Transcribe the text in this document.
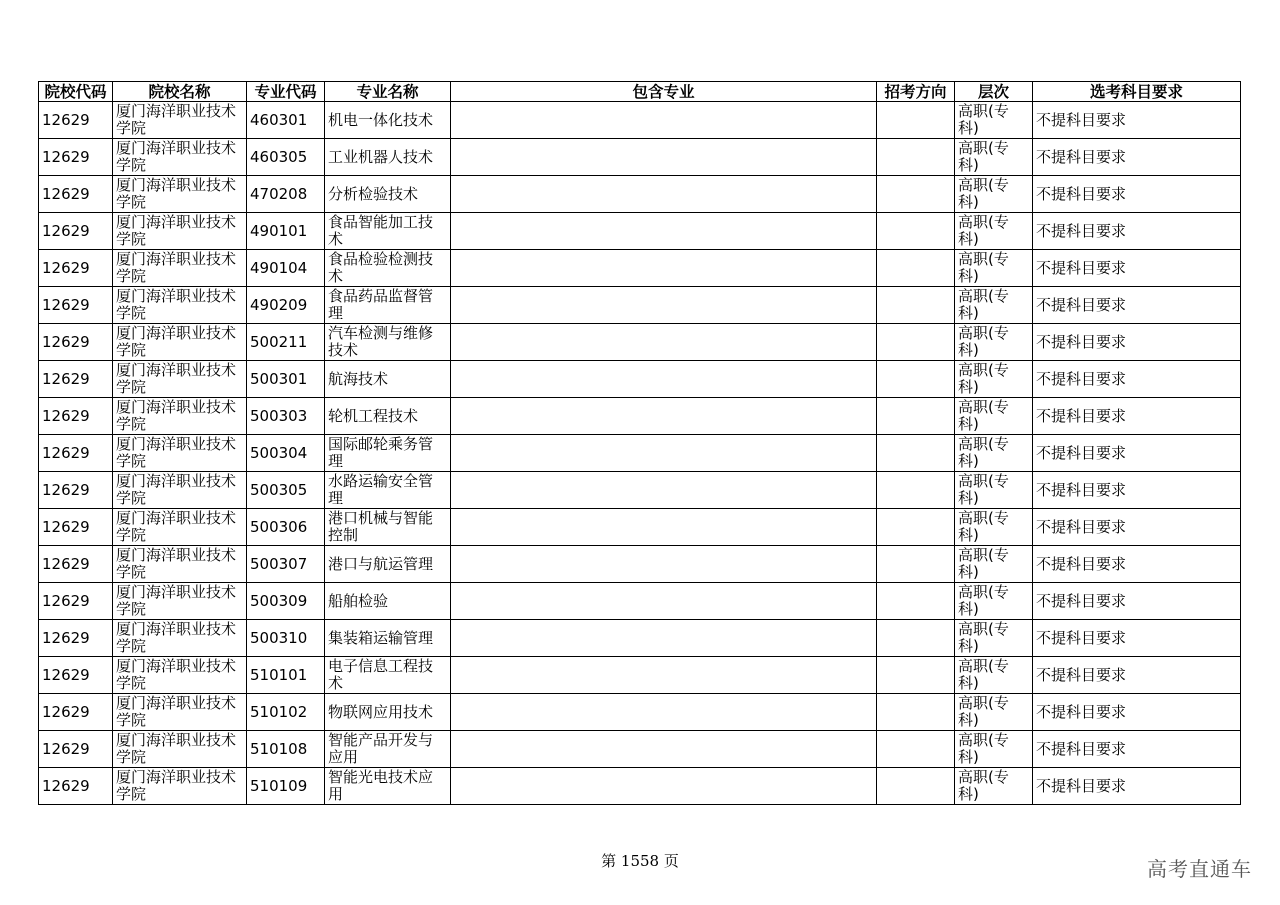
院校代码	院校名称	专业代码	专业名称	包含专业	招考方向	层次	选考科目要求
12629	厦门海洋职业技术学院	460301	机电一体化技术			高职(专科)	不提科目要求
12629	厦门海洋职业技术学院	460305	工业机器人技术			高职(专科)	不提科目要求
12629	厦门海洋职业技术学院	470208	分析检验技术			高职(专科)	不提科目要求
12629	厦门海洋职业技术学院	490101	食品智能加工技术			高职(专科)	不提科目要求
12629	厦门海洋职业技术学院	490104	食品检验检测技术			高职(专科)	不提科目要求
12629	厦门海洋职业技术学院	490209	食品药品监督管理			高职(专科)	不提科目要求
12629	厦门海洋职业技术学院	500211	汽车检测与维修技术			高职(专科)	不提科目要求
12629	厦门海洋职业技术学院	500301	航海技术			高职(专科)	不提科目要求
12629	厦门海洋职业技术学院	500303	轮机工程技术			高职(专科)	不提科目要求
12629	厦门海洋职业技术学院	500304	国际邮轮乘务管理			高职(专科)	不提科目要求
12629	厦门海洋职业技术学院	500305	水路运输安全管理			高职(专科)	不提科目要求
12629	厦门海洋职业技术学院	500306	港口机械与智能控制			高职(专科)	不提科目要求
12629	厦门海洋职业技术学院	500307	港口与航运管理			高职(专科)	不提科目要求
12629	厦门海洋职业技术学院	500309	船舶检验			高职(专科)	不提科目要求
12629	厦门海洋职业技术学院	500310	集装箱运输管理			高职(专科)	不提科目要求
12629	厦门海洋职业技术学院	510101	电子信息工程技术			高职(专科)	不提科目要求
12629	厦门海洋职业技术学院	510102	物联网应用技术			高职(专科)	不提科目要求
12629	厦门海洋职业技术学院	510108	智能产品开发与应用			高职(专科)	不提科目要求
12629	厦门海洋职业技术学院	510109	智能光电技术应用			高职(专科)	不提科目要求
第 1558 页	高考直通车
